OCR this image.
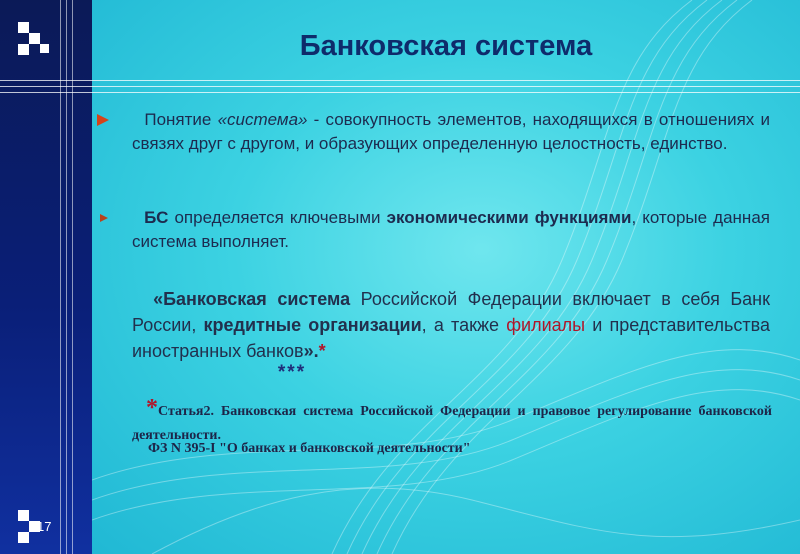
Банковская система
Понятие «система» - совокупность элементов, находящихся в отношениях и связях друг с другом, и образующих определенную целостность, единство.
БС определяется ключевыми экономическими функциями, которые данная система выполняет.
«Банковская система Российской Федерации включает в себя Банк России, кредитные организации, а также филиалы и представительства иностранных банков».*
***
*Статья2. Банковская система Российской Федерации и правовое регулирование банковской деятельности.
ФЗ N 395-I "О банках и банковской деятельности"
17
